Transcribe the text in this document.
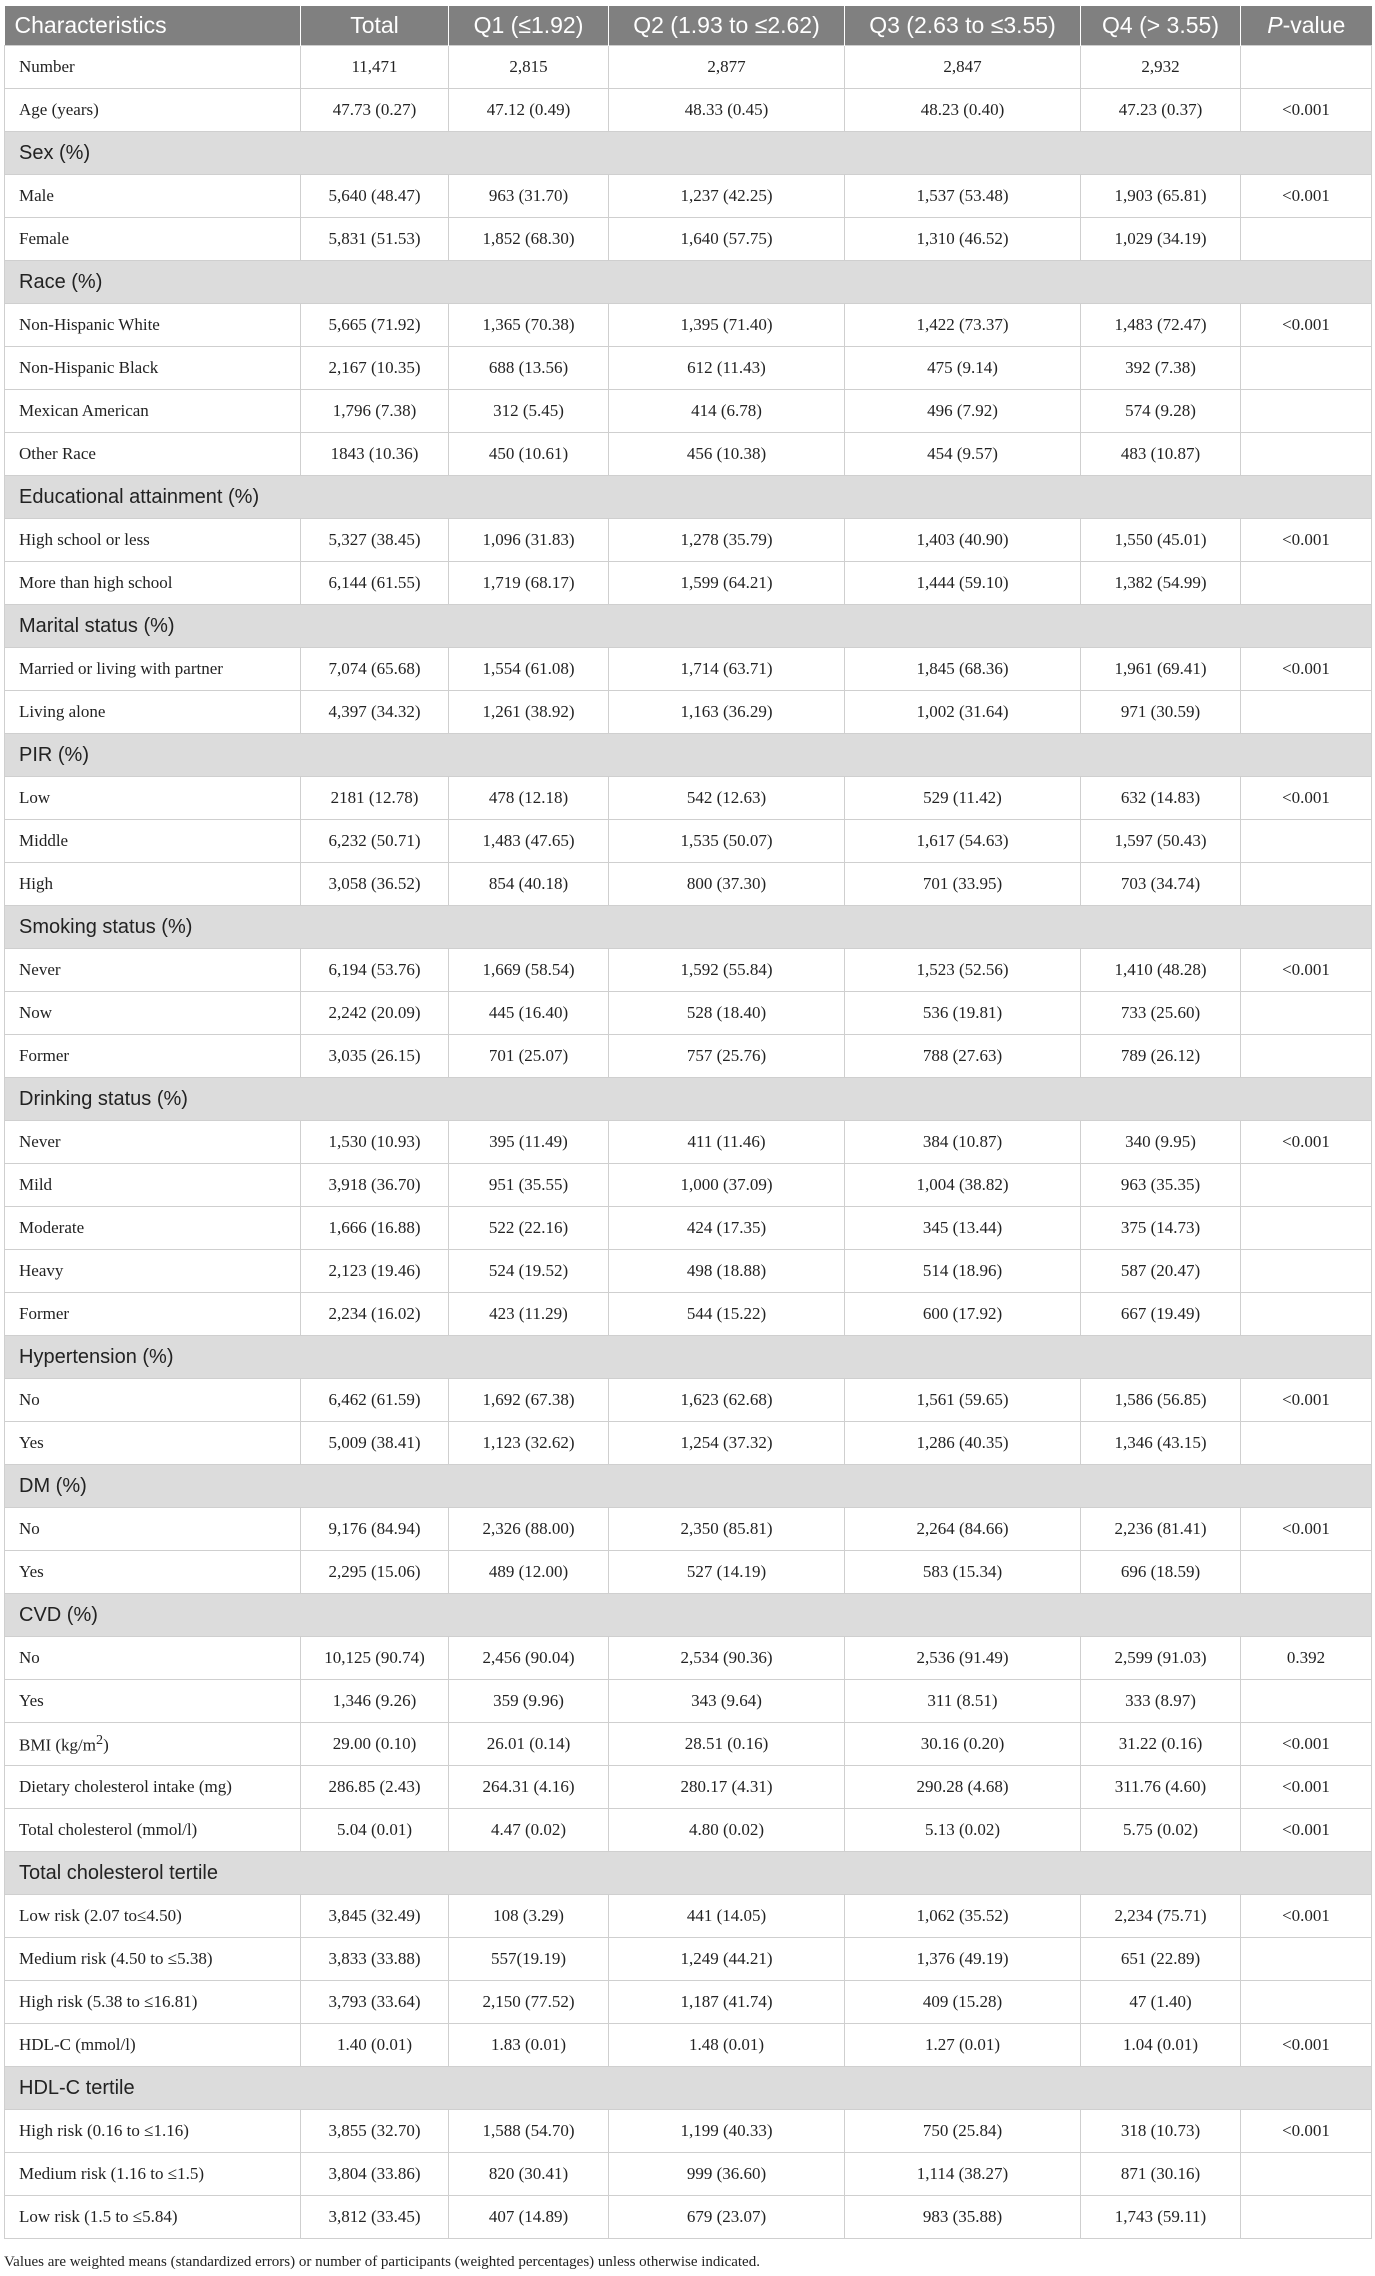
Characteristics	Total	Q1 (≤1.92)	Q2 (1.93 to ≤2.62)	Q3 (2.63 to ≤3.55)	Q4 (> 3.55)	P-value
Number	11,471	2,815	2,877	2,847	2,932	
Age (years)	47.73 (0.27)	47.12 (0.49)	48.33 (0.45)	48.23 (0.40)	47.23 (0.37)	<0.001
Sex (%)						
Male	5,640 (48.47)	963 (31.70)	1,237 (42.25)	1,537 (53.48)	1,903 (65.81)	<0.001
Female	5,831 (51.53)	1,852 (68.30)	1,640 (57.75)	1,310 (46.52)	1,029 (34.19)	
Race (%)						
Non-Hispanic White	5,665 (71.92)	1,365 (70.38)	1,395 (71.40)	1,422 (73.37)	1,483 (72.47)	<0.001
Non-Hispanic Black	2,167 (10.35)	688 (13.56)	612 (11.43)	475 (9.14)	392 (7.38)	
Mexican American	1,796 (7.38)	312 (5.45)	414 (6.78)	496 (7.92)	574 (9.28)	
Other Race	1843 (10.36)	450 (10.61)	456 (10.38)	454 (9.57)	483 (10.87)	
Educational attainment (%)						
High school or less	5,327 (38.45)	1,096 (31.83)	1,278 (35.79)	1,403 (40.90)	1,550 (45.01)	<0.001
More than high school	6,144 (61.55)	1,719 (68.17)	1,599 (64.21)	1,444 (59.10)	1,382 (54.99)	
Marital status (%)						
Married or living with partner	7,074 (65.68)	1,554 (61.08)	1,714 (63.71)	1,845 (68.36)	1,961 (69.41)	<0.001
Living alone	4,397 (34.32)	1,261 (38.92)	1,163 (36.29)	1,002 (31.64)	971 (30.59)	
PIR (%)						
Low	2181 (12.78)	478 (12.18)	542 (12.63)	529 (11.42)	632 (14.83)	<0.001
Middle	6,232 (50.71)	1,483 (47.65)	1,535 (50.07)	1,617 (54.63)	1,597 (50.43)	
High	3,058 (36.52)	854 (40.18)	800 (37.30)	701 (33.95)	703 (34.74)	
Smoking status (%)						
Never	6,194 (53.76)	1,669 (58.54)	1,592 (55.84)	1,523 (52.56)	1,410 (48.28)	<0.001
Now	2,242 (20.09)	445 (16.40)	528 (18.40)	536 (19.81)	733 (25.60)	
Former	3,035 (26.15)	701 (25.07)	757 (25.76)	788 (27.63)	789 (26.12)	
Drinking status (%)						
Never	1,530 (10.93)	395 (11.49)	411 (11.46)	384 (10.87)	340 (9.95)	<0.001
Mild	3,918 (36.70)	951 (35.55)	1,000 (37.09)	1,004 (38.82)	963 (35.35)	
Moderate	1,666 (16.88)	522 (22.16)	424 (17.35)	345 (13.44)	375 (14.73)	
Heavy	2,123 (19.46)	524 (19.52)	498 (18.88)	514 (18.96)	587 (20.47)	
Former	2,234 (16.02)	423 (11.29)	544 (15.22)	600 (17.92)	667 (19.49)	
Hypertension (%)						
No	6,462 (61.59)	1,692 (67.38)	1,623 (62.68)	1,561 (59.65)	1,586 (56.85)	<0.001
Yes	5,009 (38.41)	1,123 (32.62)	1,254 (37.32)	1,286 (40.35)	1,346 (43.15)	
DM (%)						
No	9,176 (84.94)	2,326 (88.00)	2,350 (85.81)	2,264 (84.66)	2,236 (81.41)	<0.001
Yes	2,295 (15.06)	489 (12.00)	527 (14.19)	583 (15.34)	696 (18.59)	
CVD (%)						
No	10,125 (90.74)	2,456 (90.04)	2,534 (90.36)	2,536 (91.49)	2,599 (91.03)	0.392
Yes	1,346 (9.26)	359 (9.96)	343 (9.64)	311 (8.51)	333 (8.97)	
BMI $(kg/m^2)$	29.00 (0.10)	26.01 (0.14)	28.51 (0.16)	30.16 (0.20)	31.22 (0.16)	<0.001
Dietary cholesterol intake (mg)	286.85 (2.43)	264.31 (4.16)	280.17 (4.31)	290.28 (4.68)	311.76 (4.60)	<0.001
Total cholesterol (mmol/l)	5.04 (0.01)	4.47 (0.02)	4.80 (0.02)	5.13 (0.02)	5.75 (0.02)	<0.001
Total cholesterol tertile						
Low risk (2.07 to≤4.50)	3,845 (32.49)	108 (3.29)	441 (14.05)	1,062 (35.52)	2,234 (75.71)	<0.001
Medium risk (4.50 to ≤5.38)	3,833 (33.88)	557(19.19)	1,249 (44.21)	1,376 (49.19)	651 (22.89)	
High risk (5.38 to ≤16.81)	3,793 (33.64)	2,150 (77.52)	1,187 (41.74)	409 (15.28)	47 (1.40)	
HDL-C (mmol/l)	1.40 (0.01)	1.83 (0.01)	1.48 (0.01)	1.27 (0.01)	1.04 (0.01)	<0.001
HDL-C tertile						
High risk (0.16 to ≤1.16)	3,855 (32.70)	1,588 (54.70)	1,199 (40.33)	750 (25.84)	318 (10.73)	<0.001
Medium risk (1.16 to ≤1.5)	3,804 (33.86)	820 (30.41)	999 (36.60)	1,114 (38.27)	871 (30.16)	
Low risk (1.5 to ≤5.84)	3,812 (33.45)	407 (14.89)	679 (23.07)	983 (35.88)	1,743 (59.11)	
Values are weighted means (standardized errors) or number of participants (weighted percentages) unless otherwise indicated.
